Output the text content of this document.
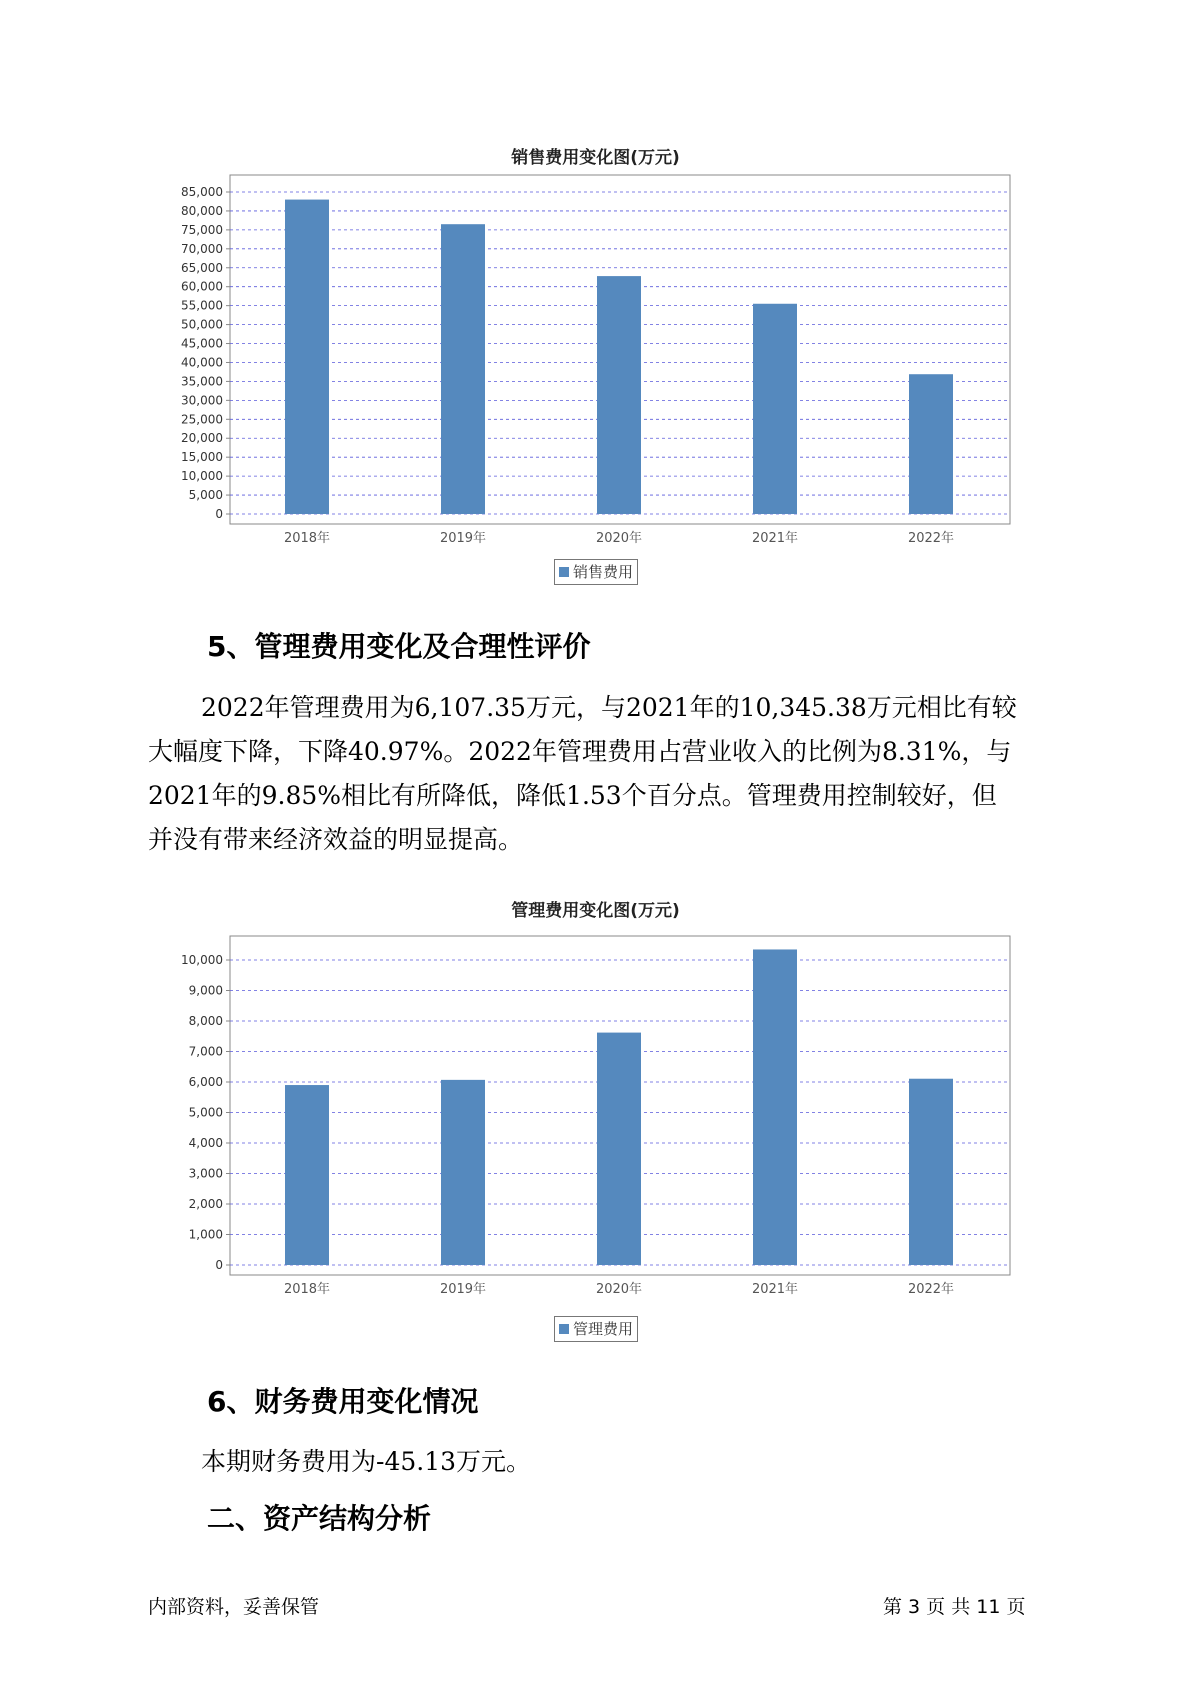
销售费用变化图(万元)
0
5,000
10,000
15,000
20,000
25,000
30,000
35,000
40,000
45,000
50,000
55,000
60,000
65,000
70,000
75,000
80,000
85,000
2018年	2019年	2020年	2021年	2022年
销售费用
5、管理费用变化及合理性评价
2022年管理费用为6,107.35万元，与2021年的10,345.38万元相比有较
大幅度下降，下降40.97%。2022年管理费用占营业收入的比例为8.31%，与
2021年的9.85%相比有所降低，降低1.53个百分点。管理费用控制较好，但
并没有带来经济效益的明显提高。
管理费用变化图(万元)
0
1,000
2,000
3,000
4,000
5,000
6,000
7,000
8,000
9,000
10,000
2018年	2019年	2020年	2021年	2022年
管理费用
6、财务费用变化情况
本期财务费用为-45.13万元。
二、资产结构分析
内部资料，妥善保管	第 3 页 共 11 页
